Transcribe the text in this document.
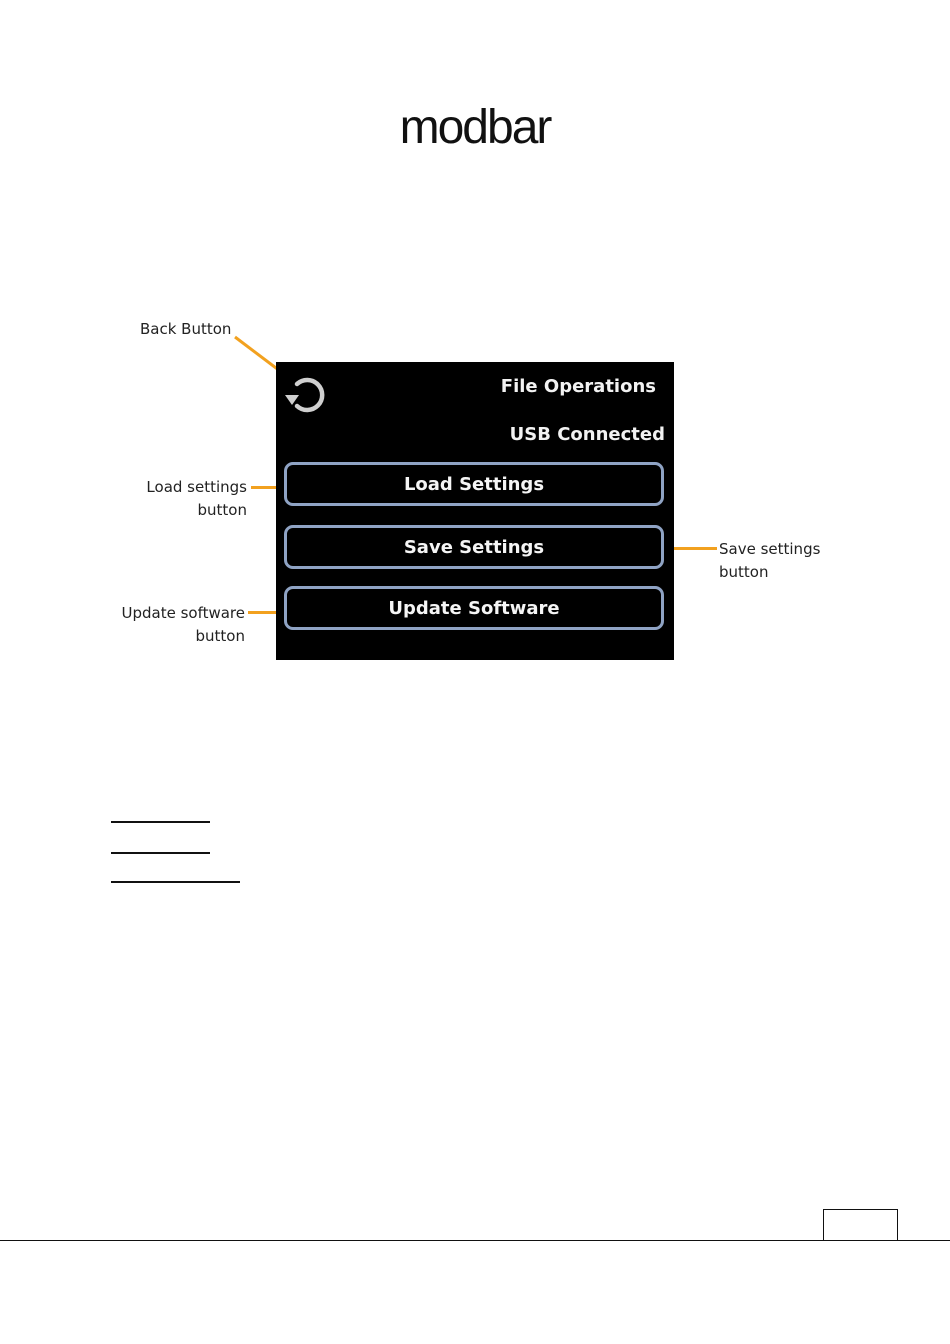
modbar
Back Button
Load settings
button
Update software
button
Save settings
button
File Operations
USB Connected
Load Settings
Save Settings
Update Software
